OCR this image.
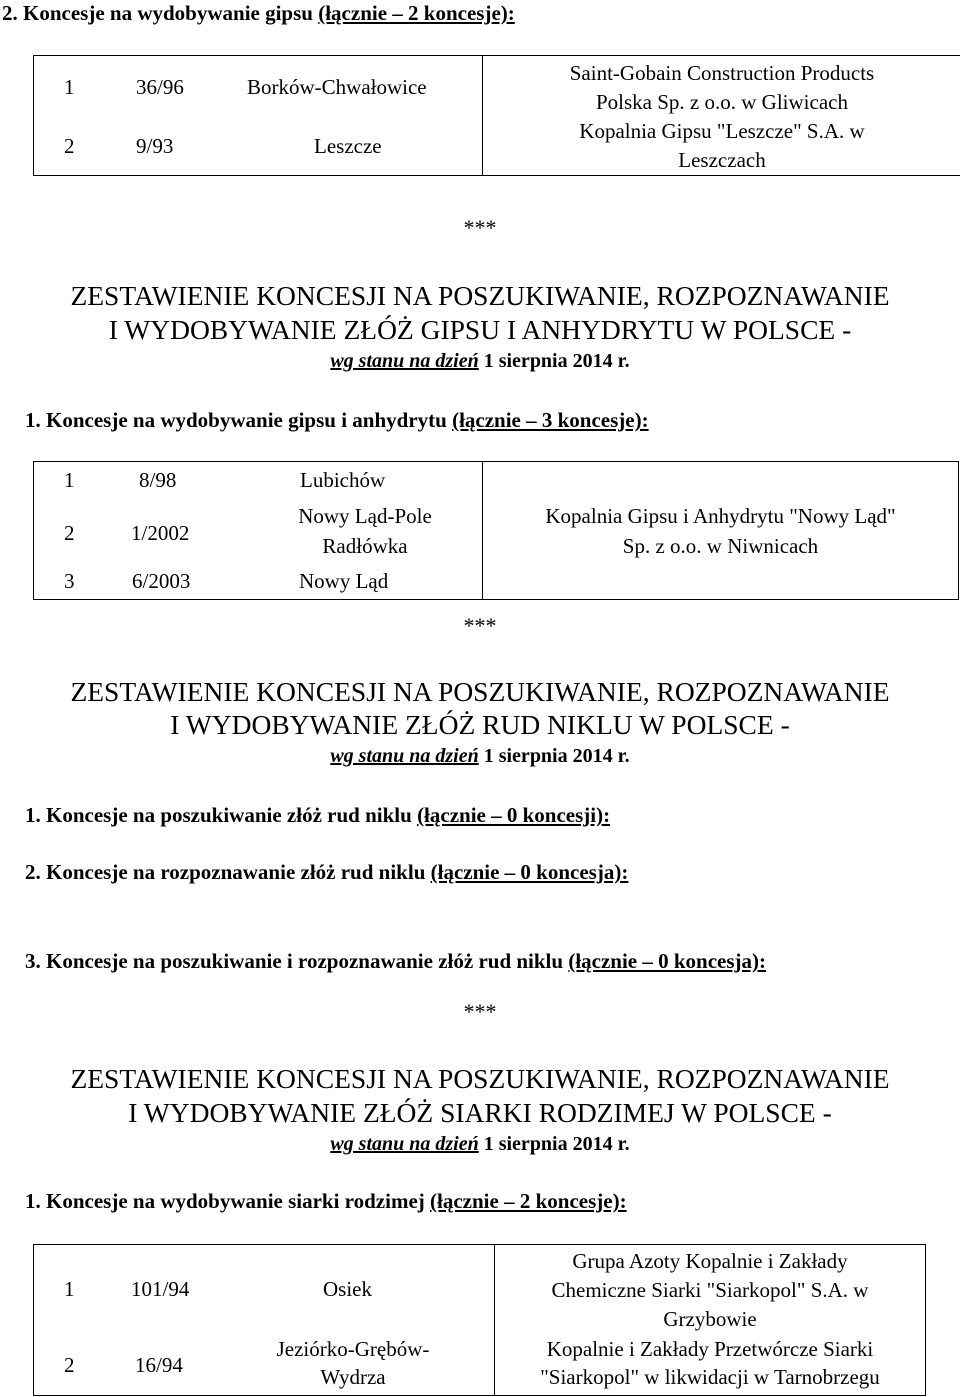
2. Koncesje na wydobywanie gipsu (łącznie – 2 koncesje):
1	36/96	Borków-Chwałowice
Saint-Gobain Construction Products
Polska Sp. z o.o. w Gliwicach
2	9/93	Leszcze
Kopalnia Gipsu "Leszcze" S.A. w
Leszczach
***
ZESTAWIENIE KONCESJI NA POSZUKIWANIE, ROZPOZNAWANIE
I WYDOBYWANIE ZŁÓŻ GIPSU I ANHYDRYTU W POLSCE -
wg stanu na dzień 1 sierpnia 2014 r.
1. Koncesje na wydobywanie gipsu i anhydrytu (łącznie – 3 koncesje):
1	8/98	Lubichów
2	1/2002
Nowy Ląd-Pole
Radłówka
3	6/2003	Nowy Ląd
Kopalnia Gipsu i Anhydrytu "Nowy Ląd"
Sp. z o.o. w Niwnicach
***
ZESTAWIENIE KONCESJI NA POSZUKIWANIE, ROZPOZNAWANIE
I WYDOBYWANIE ZŁÓŻ RUD NIKLU W POLSCE -
wg stanu na dzień 1 sierpnia 2014 r.
1. Koncesje na poszukiwanie złóż rud niklu (łącznie – 0 koncesji):
2. Koncesje na rozpoznawanie złóż rud niklu (łącznie – 0 koncesja):
3. Koncesje na poszukiwanie i rozpoznawanie złóż rud niklu (łącznie – 0 koncesja):
***
ZESTAWIENIE KONCESJI NA POSZUKIWANIE, ROZPOZNAWANIE
I WYDOBYWANIE ZŁÓŻ SIARKI RODZIMEJ W POLSCE -
wg stanu na dzień 1 sierpnia 2014 r.
1. Koncesje na wydobywanie siarki rodzimej (łącznie – 2 koncesje):
1	101/94	Osiek
Grupa Azoty Kopalnie i Zakłady
Chemiczne Siarki "Siarkopol" S.A. w
Grzybowie
2	16/94
Jeziórko-Grębów-
Wydrza
Kopalnie i Zakłady Przetwórcze Siarki
"Siarkopol" w likwidacji w Tarnobrzegu
